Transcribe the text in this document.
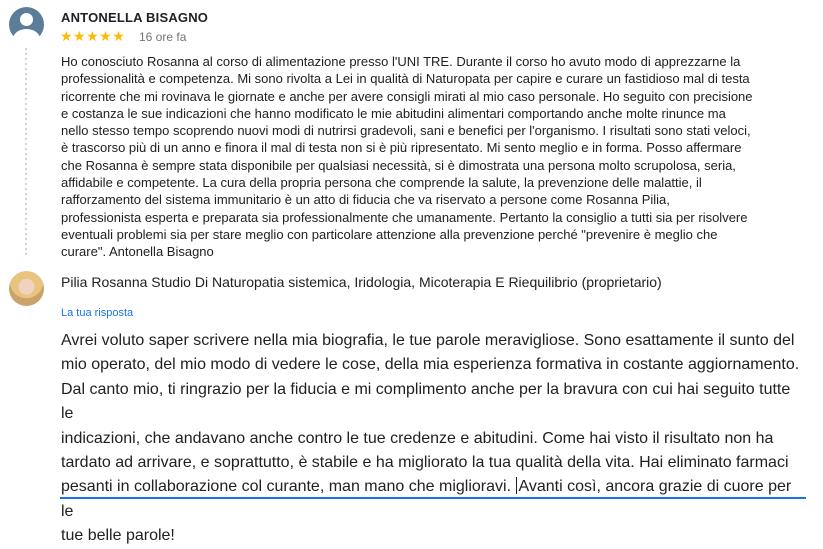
ANTONELLA BISAGNO
★★★★★ 16 ore fa
Ho conosciuto Rosanna al corso di alimentazione presso l'UNI TRE. Durante il corso ho avuto modo di apprezzarne la
professionalità e competenza. Mi sono rivolta a Lei in qualità di Naturopata per capire e curare un fastidioso mal di testa
ricorrente che mi rovinava le giornate e anche per avere consigli mirati al mio caso personale. Ho seguito con precisione
e costanza le sue indicazioni che hanno modificato le mie abitudini alimentari comportando anche molte rinunce ma
nello stesso tempo scoprendo nuovi modi di nutrirsi gradevoli, sani e benefici per l'organismo. I risultati sono stati veloci,
è trascorso più di un anno e finora il mal di testa non si è più ripresentato. Mi sento meglio e in forma. Posso affermare
che Rosanna è sempre stata disponibile per qualsiasi necessità, si è dimostrata una persona molto scrupolosa, seria,
affidabile e competente. La cura della propria persona che comprende la salute, la prevenzione delle malattie, il
rafforzamento del sistema immunitario è un atto di fiducia che va riservato a persone come Rosanna Pilia,
professionista esperta e preparata sia professionalmente che umanamente. Pertanto la consiglio a tutti sia per risolvere
eventuali problemi sia per stare meglio con particolare attenzione alla prevenzione perché "prevenire è meglio che
curare". Antonella Bisagno
Pilia Rosanna Studio Di Naturopatia sistemica, Iridologia, Micoterapia E Riequilibrio (proprietario)
La tua risposta
Avrei voluto saper scrivere nella mia biografia, le tue parole meravigliose. Sono esattamente il sunto del
mio operato, del mio modo di vedere le cose, della mia esperienza formativa in costante aggiornamento.
Dal canto mio, ti ringrazio per la fiducia e mi complimento anche per la bravura con cui hai seguito tutte le
indicazioni, che andavano anche contro le tue credenze e abitudini. Come hai visto il risultato non ha
tardato ad arrivare, e soprattutto, è stabile e ha migliorato la tua qualità della vita. Hai eliminato farmaci
pesanti in collaborazione col curante, man mano che miglioravi. Avanti così, ancora grazie di cuore per le
tue belle parole!
